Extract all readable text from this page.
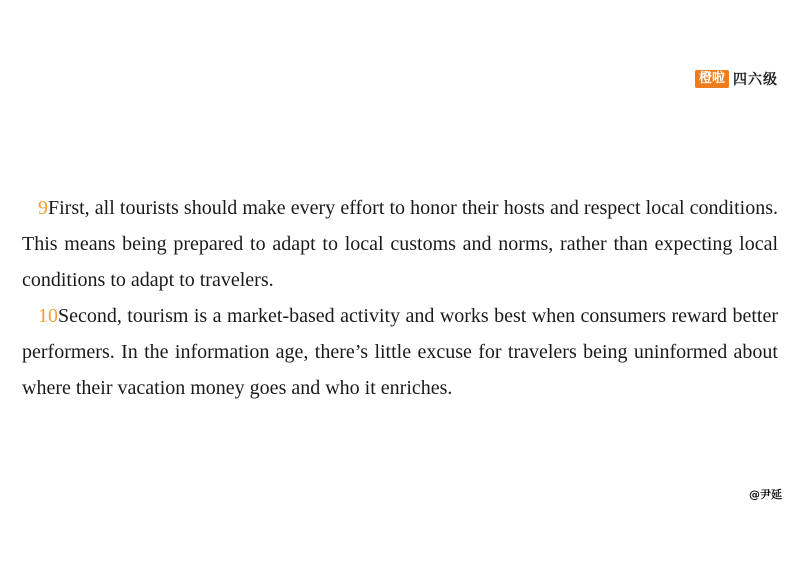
橙啦 四六级

9First, all tourists should make every effort to honor their hosts and respect local conditions. This means being prepared to adapt to local customs and norms, rather than expecting local conditions to adapt to travelers.

10Second, tourism is a market-based activity and works best when consumers reward better performers. In the information age, there’s little excuse for travelers being uninformed about where their vacation money goes and who it enriches.

@尹延
